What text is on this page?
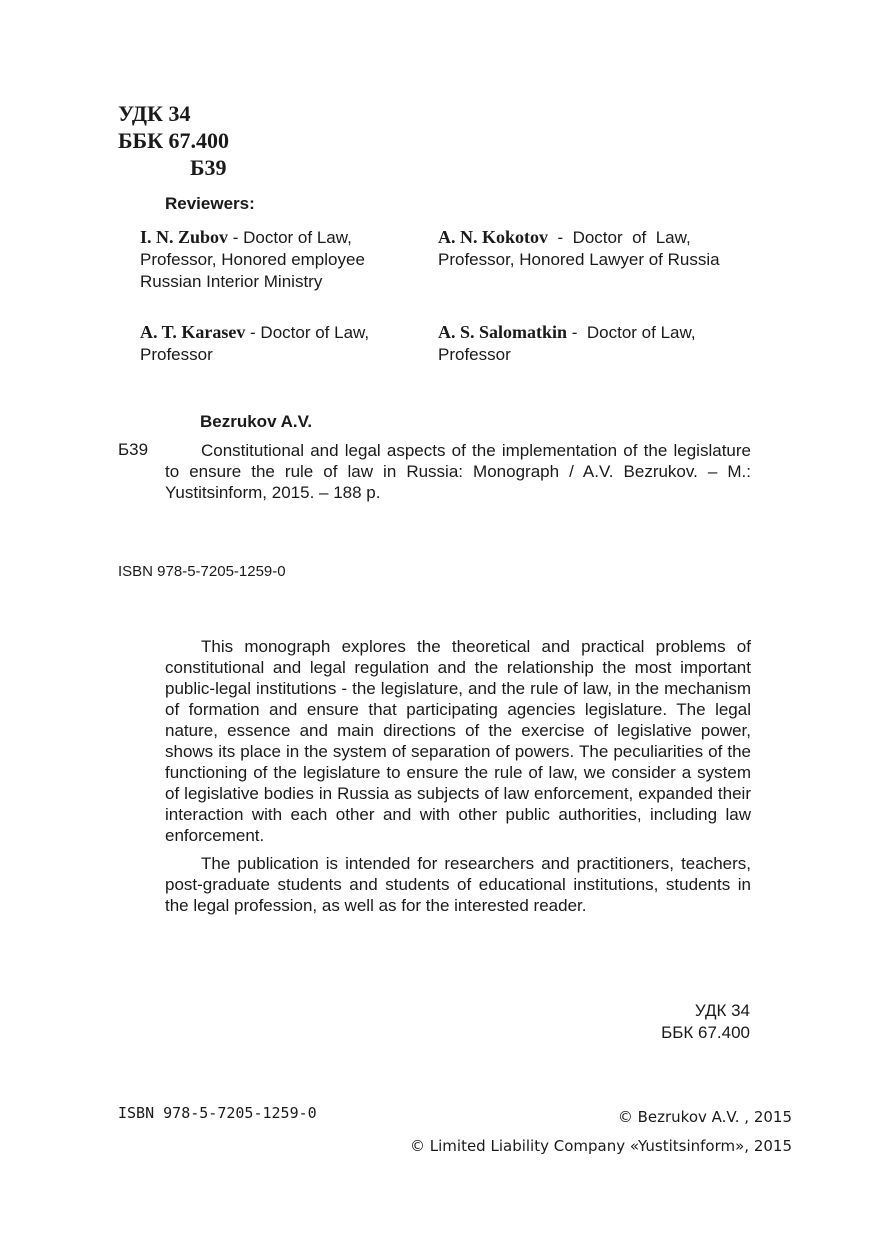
УДК 34
ББК 67.400
Б39
Reviewers:
I. N. Zubov - Doctor of Law,
Professor, Honored employee
Russian Interior Ministry
A. N. Kokotov  -  Doctor  of  Law,
Professor, Honored Lawyer of Russia
A. T. Karasev - Doctor of Law,
Professor
A. S. Salomatkin -  Doctor of Law,
Professor
Bezrukov A.V.
Б39	Constitutional and legal aspects of the implementation of the legislature to ensure the rule of law in Russia: Monograph / A.V. Bezrukov. – M.: Yustitsinform, 2015. – 188 p.

ISBN 978-5-7205-1259-0

This monograph explores the theoretical and practical problems of constitutional and legal regulation and the relationship the most important public-legal institutions - the legislature, and the rule of law, in the mechanism of formation and ensure that participating agencies legislature. The legal nature, essence and main directions of the exercise of legislative power, shows its place in the system of separation of powers. The peculiarities of the functioning of the legislature to ensure the rule of law, we consider a system of legislative bodies in Russia as subjects of law enforcement, expanded their interaction with each other and with other public authorities, including law enforcement.

The publication is intended for researchers and practitioners, teachers, post-graduate students and students of educational institutions, students in the legal profession, as well as for the interested reader.

УДК 34
ББК 67.400
ISBN 978-5-7205-1259-0	© Bezrukov A.V. , 2015
© Limited Liability Company «Yustitsinform», 2015
